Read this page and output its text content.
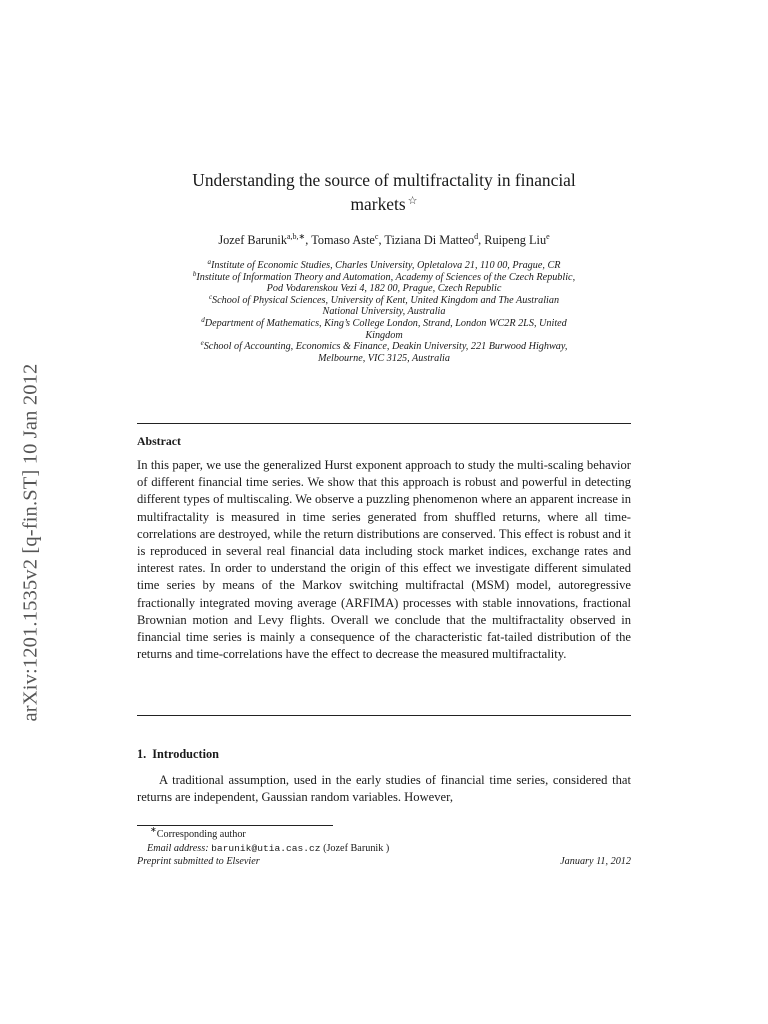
arXiv:1201.1535v2 [q-fin.ST] 10 Jan 2012
Understanding the source of multifractality in financial
markets ☆
Jozef Barunik$^{a,b,∗}$, Tomaso Aste$^c$, Tiziana Di Matteo$^d$, Ruipeng Liu$^e$
$^a$Institute of Economic Studies, Charles University, Opletalova 21, 110 00, Prague, CR
$^b$Institute of Information Theory and Automation, Academy of Sciences of the Czech Republic,
Pod Vodarenskou Vezi 4, 182 00, Prague, Czech Republic
$^c$School of Physical Sciences, University of Kent, United Kingdom and The Australian
National University, Australia
$^d$Department of Mathematics, King’s College London, Strand, London WC2R 2LS, United
Kingdom
$^e$School of Accounting, Economics & Finance, Deakin University, 221 Burwood Highway,
Melbourne, VIC 3125, Australia
Abstract
In this paper, we use the generalized Hurst exponent approach to study the multi-scaling behavior of different financial time series. We show that this approach is robust and powerful in detecting different types of multiscaling. We observe a puzzling phenomenon where an apparent increase in multifractality is measured in time series generated from shuffled returns, where all time-correlations are destroyed, while the return distributions are conserved. This effect is robust and it is reproduced in several real financial data including stock market indices, exchange rates and interest rates. In order to understand the origin of this effect we investigate different simulated time series by means of the Markov switching multifractal (MSM) model, autoregressive fractionally integrated moving average (ARFIMA) processes with stable innovations, fractional Brownian motion and Levy flights. Overall we conclude that the multifractality observed in financial time series is mainly a consequence of the characteristic fat-tailed distribution of the returns and time-correlations have the effect to decrease the measured multifractality.
1. Introduction
A traditional assumption, used in the early studies of financial time series, considered that returns are independent, Gaussian random variables. However,
∗Corresponding author
Email address: barunik@utia.cas.cz (Jozef Barunik )
Preprint submitted to Elsevier	January 11, 2012
